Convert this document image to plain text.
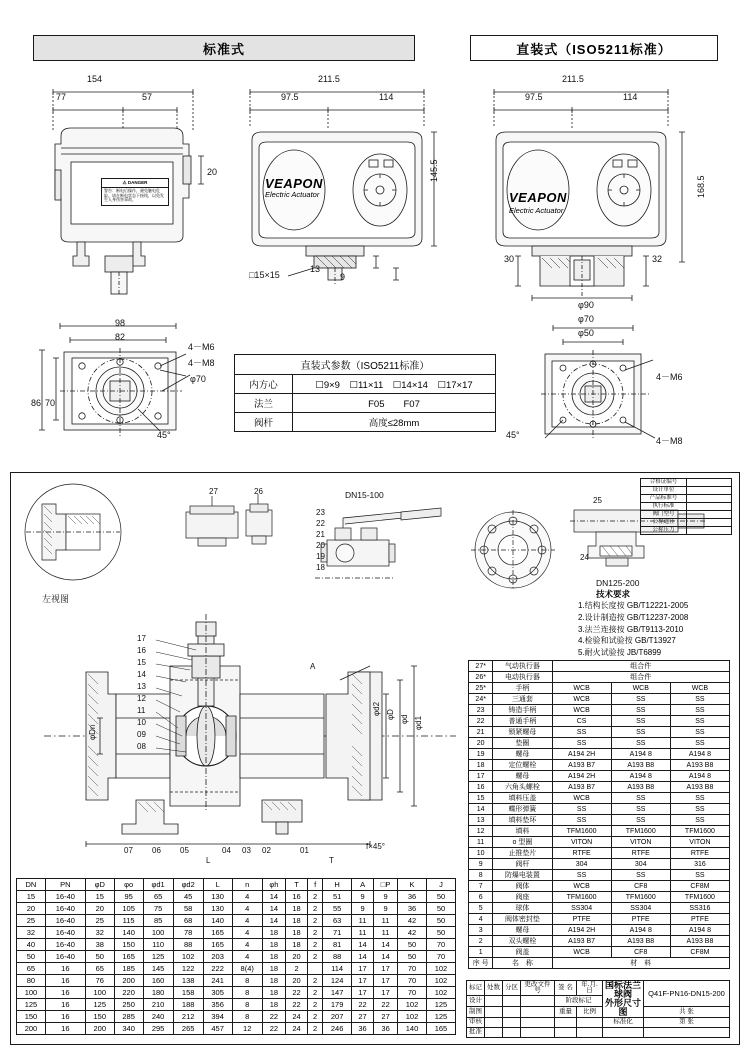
标准式	直装式（ISO5211标准）
154
77	57
20
⚠ DANGER
警告：断电后操作，避免触电危险。请在断电状态下接线，以免发生人身伤害事故。
211.5
97.5	114
145.5
13
9
□15×15
VEAPON
Electric Actuator
211.5
97.5	114
168.5
30	32
φ90
VEAPON
Electric Actuator
98
82
86 70
45°
4－M6
4－M8
φ70
直装式参数（ISO5211标准）	
内方心	☐9×9　☐11×11　☐14×14　☐17×17
法兰	F05　　F07
阀杆	高度≤28mm
φ70
φ50
4－M6
4－M8
45°
左视图
27	26	DN15-100
23
22
21
20
19
18
25
24
DN125-200
合格证编号	
设计单位	
产品标准号	
执行标准	
阀门型号	
公称通径	
公称压力	
17
16
15
14
13
12
11
10
09
08
07 06 05	04 03 02	01
A
φD φd φd1
φd2
φDn
f×45°
L	T
技术要求
1.结构长度按 GB/T12221-2005
2.设计制造按 GB/T12237-2008
3.法兰连接按 GB/T9113-2010
4.检验和试验按 GB/T13927
5.耐火试验按 JB/T6899
27*	气动执行器	组合件		
26*	电动执行器	组合件		
25*	手柄	WCB	WCB	WCB
24*	三通套	WCB	SS	SS
23	铸造手柄	WCB	SS	SS
22	普通手柄	CS	SS	SS
21	锁紧螺母	SS	SS	SS
20	垫圈	SS	SS	SS
19	螺母	A194 2H	A194 8	A194 8
18	定位螺栓	A193 B7	A193 B8	A193 B8
17	螺母	A194 2H	A194 8	A194 8
16	六角头螺栓	A193 B7	A193 B8	A193 B8
15	填料压盖	WCB	SS	SS
14	蝶形弹簧	SS	SS	SS
13	填料垫环	SS	SS	SS
12	填料	TFM1600	TFM1600	TFM1600
11	o 型圈	VITON	VITON	VITON
10	止推垫片	RTFE	RTFE	RTFE
9	阀杆	304	304	316
8	防爆电装置	SS	SS	SS
7	阀体	WCB	CF8	CF8M
6	阀座	TFM1600	TFM1600	TFM1600
5	球体	SS304	SS304	SS316
4	阀体密封垫	PTFE	PTFE	PTFE
3	螺母	A194 2H	A194 8	A194 8
2	双头螺栓	A193 B7	A193 B8	A193 B8
1	阀盖	WCB	CF8	CF8M
序 号	名　称	材　料		
DN	PN	φD	φo	φd1	φd2	L	n	φh	T	f	H	A	□P	K	J
15	16-40	15	95	65	45	130	4	14	16	2	51	9	9	36	50
20	16-40	20	105	75	58	130	4	14	18	2	55	9	9	36	50
25	16-40	25	115	85	68	140	4	14	18	2	63	11	11	42	50
32	16-40	32	140	100	78	165	4	18	18	2	71	11	11	42	50
40	16-40	38	150	110	88	165	4	18	18	2	81	14	14	50	70
50	16-40	50	165	125	102	203	4	18	20	2	88	14	14	50	70
65	16	65	185	145	122	222	8(4)	18	2		114	17	17	70	102
80	16	76	200	160	138	241	8	18	20	2	124	17	17	70	102
100	16	100	220	180	158	305	8	18	22	2	147	17	17	70	102
125	16	125	250	210	188	356	8	18	22	2	179	22	22	102	125
150	16	150	285	240	212	394	8	22	24	2	207	27	27	102	125
200	16	200	340	295	265	457	12	22	24	2	246	36	36	140	165
标记	处数	分区	更改文件号	签 名	年.月.日	国标法兰球阀
外形尺寸图	Q41F-PN16-DN15-200
设计				阶段标记			
制图				重量	比例		共 张
审核						标准化	第 张
批准							
